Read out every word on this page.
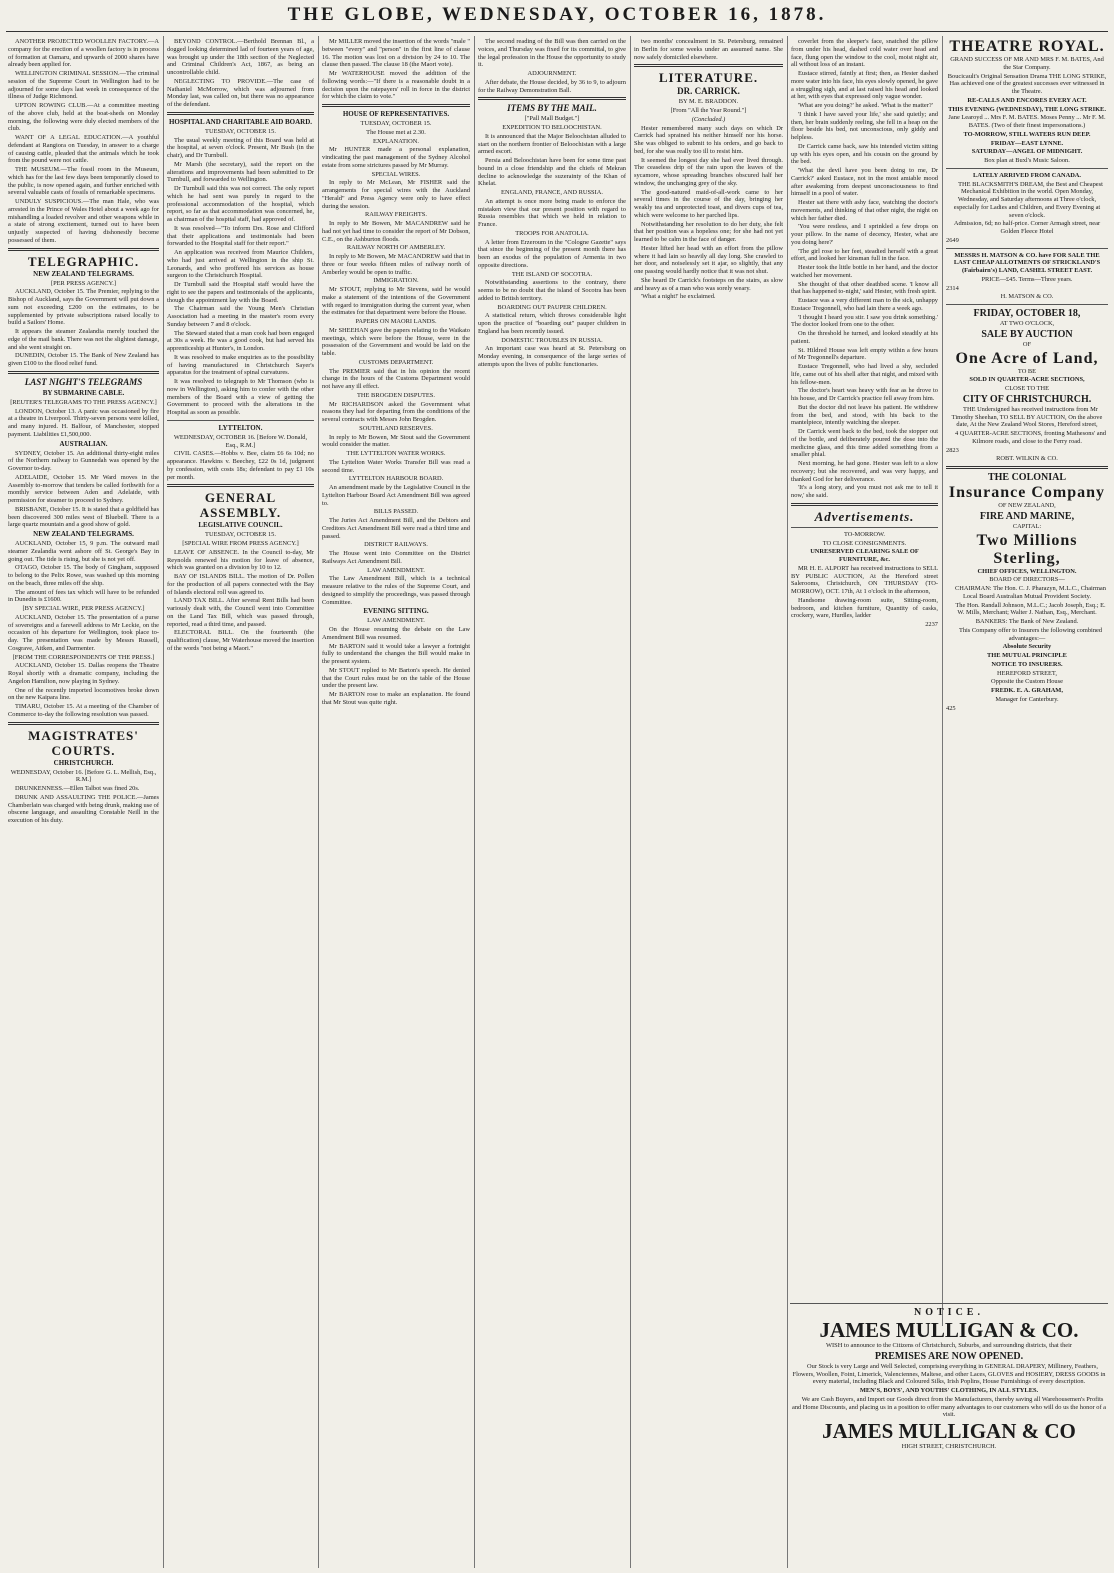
THE GLOBE, WEDNESDAY, OCTOBER 16, 1878.

ANOTHER PROJECTED WOOLLEN FACTORY.—A company for the erection of a woollen factory is in process of formation at Oamaru, and upwards of 2000 shares have already been applied for.

WELLINGTON CRIMINAL SESSION.—The criminal session of the Supreme Court in Wellington had to be adjourned for some days last week in consequence of the illness of Judge Richmond.

UPTON ROWING CLUB.—At a committee meeting of the above club, held at the boat-sheds on Monday morning, the following were duly elected members of the club.

WANT OF A LEGAL EDUCATION.—A youthful defendant at Rangiora on Tuesday, in answer to a charge of causing cattle, pleaded that the animals which he took from the pound were not cattle.

THE MUSEUM.—The fossil room in the Museum, which has for the last few days been temporarily closed to the public, is now opened again, and further enriched with several valuable casts of fossils of remarkable specimens.

UNDULY SUSPICIOUS.—The man Hale, who was arrested in the Prince of Wales Hotel about a week ago for mishandling a loaded revolver and other weapons while in a state of strong excitement, turned out to have been unjustly suspected of having dishonestly become possessed of them.

TELEGRAPHIC.

NEW ZEALAND TELEGRAMS.

[PER PRESS AGENCY.]

AUCKLAND, October 15. The Premier, replying to the Bishop of Auckland, says the Government will put down a sum not exceeding £200 on the estimates, to be supplemented by private subscriptions raised locally to build a Sailors' Home.

It appears the steamer Zealandia merely touched the edge of the mail bank. There was not the slightest damage, and she went straight on.

DUNEDIN, October 15. The Bank of New Zealand has given £100 to the flood relief fund.

LAST NIGHT'S TELEGRAMS

BY SUBMARINE CABLE.

[REUTER'S TELEGRAMS TO THE PRESS AGENCY.]

LONDON, October 13. A panic was occasioned by fire at a theatre in Liverpool. Thirty-seven persons were killed, and many injured. H. Balfour, of Manchester, stopped payment. Liabilities £1,500,000.

AUSTRALIAN.

SYDNEY, October 15. An additional thirty-eight miles of the Northern railway to Gunnedah was opened by the Governor to-day.

ADELAIDE, October 15. Mr Ward moves in the Assembly to-morrow that tenders be called forthwith for a monthly service between Aden and Adelaide, with permission for steamer to proceed to Sydney.

BRISBANE, October 15. It is stated that a goldfield has been discovered 300 miles west of Bluebell. There is a large quartz mountain and a good show of gold.

NEW ZEALAND TELEGRAMS.

AUCKLAND, October 15, 9 p.m. The outward mail steamer Zealandia went ashore off St. George's Bay in going out. The tide is rising, but she is not yet off.

OTAGO, October 15. The body of Gingham, supposed to belong to the Pelix Rowe, was washed up this morning on the beach, three miles off the ship.

The amount of fees tax which will have to be refunded in Dunedin is £1600.

[BY SPECIAL WIRE, PER PRESS AGENCY.]

AUCKLAND, October 15. The presentation of a purse of sovereigns and a farewell address to Mr Leckie, on the occasion of his departure for Wellington, took place to-day. The presentation was made by Messrs Russell, Cosgrave, Aitken, and Darmenter.

[FROM THE CORRESPONDENTS OF THE PRESS.]

AUCKLAND, October 15. Dallas reopens the Theatre Royal shortly with a dramatic company, including the Angelon Hamilton, now playing in Sydney.

One of the recently imported locomotives broke down on the new Kaipara line.

TIMARU, October 15. At a meeting of the Chamber of Commerce to-day the following resolution was passed.

MAGISTRATES' COURTS.

CHRISTCHURCH.

WEDNESDAY, October 16. [Before G. L. Mellish, Esq., R.M.]

DRUNKENNESS.—Ellen Talbot was fined 20s.

DRUNK AND ASSAULTING THE POLICE.—James Chamberlain was charged with being drunk, making use of obscene language, and assaulting Constable Neill in the execution of his duty.

BEYOND CONTROL.—Berthold Brennan Bl., a dogged looking determined lad of fourteen years of age, was brought up under the 18th section of the Neglected and Criminal Children's Act, 1867, as being an uncontrollable child.

NEGLECTING TO PROVIDE.—The case of Nathaniel McMorrow, which was adjourned from Monday last, was called on, but there was no appearance of the defendant.

HOSPITAL AND CHARITABLE AID BOARD.

TUESDAY, OCTOBER 15.

The usual weekly meeting of this Board was held at the hospital, at seven o'clock. Present, Mr Bush (in the chair), and Dr Turnbull.

Mr Marsh (the secretary), said the report on the alterations and improvements had been submitted to Dr Turnbull, and forwarded to Wellington.

Dr Turnbull said this was not correct. The only report which he had sent was purely in regard to the professional accommodation of the hospital, which report, so far as that accommodation was concerned, he, as chairman of the hospital staff, had approved of.

It was resolved—"To inform Drs. Rose and Clifford that their applications and testimonials had been forwarded to the Hospital staff for their report."

An application was received from Maurice Childers, who had just arrived at Wellington in the ship St. Leonards, and who proffered his services as house surgeon to the Christchurch Hospital.

Dr Turnbull said the Hospital staff would have the right to see the papers and testimonials of the applicants, though the appointment lay with the Board.

The Chairman said the Young Men's Christian Association had a meeting in the master's room every Sunday between 7 and 8 o'clock.

The Steward stated that a man cook had been engaged at 30s a week. He was a good cook, but had served his apprenticeship at Hunter's, in London.

It was resolved to make enquiries as to the possibility of having manufactured in Christchurch Sayer's apparatus for the treatment of spinal curvatures.

It was resolved to telegraph to Mr Thomson (who is now in Wellington), asking him to confer with the other members of the Board with a view of getting the Government to proceed with the alterations in the Hospital as soon as possible.

LYTTELTON.

WEDNESDAY, OCTOBER 16. [Before W. Donald, Esq., R.M.]

CIVIL CASES.—Hobbs v. Bee, claim £6 6s 10d; no appearance. Hawkins v. Beechey, £22 0s 1d, judgment by confession, with costs 18s; defendant to pay £1 10s per month.

GENERAL ASSEMBLY.

LEGISLATIVE COUNCIL.

TUESDAY, OCTOBER 15.

[SPECIAL WIRE FROM PRESS AGENCY.]

LEAVE OF ABSENCE. In the Council to-day, Mr Reynolds renewed his motion for leave of absence, which was granted on a division by 10 to 12.

BAY OF ISLANDS BILL. The motion of Dr. Pollen for the production of all papers connected with the Bay of Islands electoral roll was agreed to.

LAND TAX BILL. After several Rent Bills had been variously dealt with, the Council went into Committee on the Land Tax Bill, which was passed through, reported, read a third time, and passed.

ELECTORAL BILL. On the fourteenth (the qualification) clause, Mr Waterhouse moved the insertion of the words "not being a Maori."

Mr MILLER moved the insertion of the words "male " between "every" and "person" in the first line of clause 16. The motion was lost on a division by 24 to 10. The clause then passed. The clause 18 (the Maori vote).

Mr WATERHOUSE moved the addition of the following words:—"If there is a reasonable doubt in a decision upon the ratepayers' roll in force in the district for which the claim to vote."

HOUSE OF REPRESENTATIVES.

TUESDAY, OCTOBER 15.

The House met at 2.30.

EXPLANATION.

Mr HUNTER made a personal explanation, vindicating the past management of the Sydney Alcohol estate from some strictures passed by Mr Murray.

SPECIAL WIRES.

In reply to Mr McLean, Mr FISHER said the arrangements for special wires with the Auckland "Herald" and Press Agency were only to have effect during the session.

RAILWAY FREIGHTS.

In reply to Mr Bowen, Mr MACANDREW said he had not yet had time to consider the report of Mr Dobson, C.E., on the Ashburton floods.

RAILWAY NORTH OF AMBERLEY.

In reply to Mr Bowen, Mr MACANDREW said that in three or four weeks fifteen miles of railway north of Amberley would be open to traffic.

IMMIGRATION.

Mr STOUT, replying to Mr Stevens, said he would make a statement of the intentions of the Government with regard to immigration during the current year, when the estimates for that department were before the House.

PAPERS ON MAORI LANDS.

Mr SHEEHAN gave the papers relating to the Waikato meetings, which were before the House, were in the possession of the Government and would be laid on the table.

CUSTOMS DEPARTMENT.

The PREMIER said that in his opinion the recent change in the hours of the Customs Department would not have any ill effect.

THE BROGDEN DISPUTES.

Mr RICHARDSON asked the Government what reasons they had for departing from the conditions of the several contracts with Messrs John Brogden.

SOUTHLAND RESERVES.

In reply to Mr Bowen, Mr Stout said the Government would consider the matter.

THE LYTTELTON WATER WORKS.

The Lyttelton Water Works Transfer Bill was read a second time.

LYTTELTON HARBOUR BOARD.

An amendment made by the Legislative Council in the Lyttelton Harbour Board Act Amendment Bill was agreed to.

BILLS PASSED.

The Juries Act Amendment Bill, and the Debtors and Creditors Act Amendment Bill were read a third time and passed.

DISTRICT RAILWAYS.

The House went into Committee on the District Railways Act Amendment Bill.

LAW AMENDMENT.

The Law Amendment Bill, which is a technical measure relative to the rules of the Supreme Court, and designed to simplify the proceedings, was passed through Committee.

EVENING SITTING.

LAW AMENDMENT.

On the House resuming the debate on the Law Amendment Bill was resumed.

Mr BARTON said it would take a lawyer a fortnight fully to understand the changes the Bill would make in the present system.

Mr STOUT replied to Mr Barton's speech. He denied that the Court rules must be on the table of the House under the present law.

Mr BARTON rose to make an explanation. He found that Mr Stout was quite right.

The second reading of the Bill was then carried on the voices, and Thursday was fixed for its committal, to give the legal profession in the House the opportunity to study it.

ADJOURNMENT.

After debate, the House decided, by 36 to 9, to adjourn for the Railway Demonstration Ball.

ITEMS BY THE MAIL.

["Pall Mall Budget."]

EXPEDITION TO BELOOCHISTAN.

It is announced that the Major Beloochistan alluded to start on the northern frontier of Beloochistan with a large armed escort.

Persia and Beloochistan have been for some time past bound in a close friendship and the chiefs of Mekran decline to acknowledge the suzerainty of the Khan of Khelat.

ENGLAND, FRANCE, AND RUSSIA.

An attempt is once more being made to enforce the mistaken view that our present position with regard to Russia resembles that which we held in relation to France.

TROOPS FOR ANATOLIA.

A letter from Erzeroum in the "Cologne Gazette" says that since the beginning of the present month there has been an exodus of the population of Armenia in two opposite directions.

THE ISLAND OF SOCOTRA.

Notwithstanding assertions to the contrary, there seems to be no doubt that the island of Socotra has been added to British territory.

BOARDING OUT PAUPER CHILDREN.

A statistical return, which throws considerable light upon the practice of "boarding out" pauper children in England has been recently issued.

DOMESTIC TROUBLES IN RUSSIA.

An important case was heard at St. Petersburg on Monday evening, in consequence of the large series of attempts upon the lives of public functionaries.

two months' concealment in St. Petersburg, remained in Berlin for some weeks under an assumed name. She now safely domiciled elsewhere.

LITERATURE.

DR. CARRICK.

BY M. E. BRADDON.

[From "All the Year Round."]

(Concluded.)

Hester remembered many such days on which Dr Carrick had sprained his neither himself nor his horse. She was obliged to submit to his orders, and go back to bed, for she was really too ill to resist him.

It seemed the longest day she had ever lived through. The ceaseless drip of the rain upon the leaves of the sycamore, whose spreading branches obscured half her window, the unchanging grey of the sky.

The good-natured maid-of-all-work came to her several times in the course of the day, bringing her weakly tea and unprotected toast, and divers cups of tea, which were welcome to her parched lips.

Notwithstanding her resolution to do her duty, she felt that her position was a hopeless one; for she had not yet learned to be calm in the face of danger.

Hester lifted her head with an effort from the pillow where it had lain so heavily all day long. She crawled to her door, and noiselessly set it ajar, so slightly, that any one passing would hardly notice that it was not shut.

She heard Dr Carrick's footsteps on the stairs, as slow and heavy as of a man who was sorely weary.

'What a night!' he exclaimed.

coverlet from the sleeper's face, snatched the pillow from under his head, dashed cold water over head and face, flung open the window to the cool, moist night air, all without loss of an instant.

Eustace stirred, faintly at first; then, as Hester dashed more water into his face, his eyes slowly opened, he gave a struggling sigh, and at last raised his head and looked at her, with eyes that expressed only vague wonder.

'What are you doing?' he asked. 'What is the matter?'

'I think I have saved your life,' she said quietly; and then, her brain suddenly reeling, she fell in a heap on the floor beside his bed, not unconscious, only giddy and helpless.

Dr Carrick came back, saw his intended victim sitting up with his eyes open, and his cousin on the ground by the bed.

'What the devil have you been doing to me, Dr Carrick?' asked Eustace, not in the most amiable mood after awakening from deepest unconsciousness to find himself in a pool of water.

Hester sat there with ashy face, watching the doctor's movements, and thinking of that other night, the night on which her father died.

'You were restless, and I sprinkled a few drops on your pillow. In the name of decency, Hester, what are you doing here?'

'The girl rose to her feet, steadied herself with a great effort, and looked her kinsman full in the face.

Hester took the little bottle in her hand, and the doctor watched her movement.

She thought of that other deathbed scene. 'I know all that has happened to-night,' said Hester, with fresh spirit.

Eustace was a very different man to the sick, unhappy Eustace Tregonnell, who had lain there a week ago.

'I thought I heard you stir. I saw you drink something.' The doctor looked from one to the other.

On the threshold he turned, and looked steadily at his patient.

St. Hildred House was left empty within a few hours of Mr Tregonnell's departure.

Eustace Tregonnell, who had lived a shy, secluded life, came out of his shell after that night, and mixed with his fellow-men.

The doctor's heart was heavy with fear as he drove to his house, and Dr Carrick's practice fell away from him.

But the doctor did not leave his patient. He withdrew from the bed, and stood, with his back to the mantelpiece, intently watching the sleeper.

Dr Carrick went back to the bed, took the stopper out of the bottle, and deliberately poured the dose into the medicine glass, and this time added something from a smaller phial.

Next morning, he had gone. Hester was left to a slow recovery; but she recovered, and was very happy, and thanked God for her deliverance.

'It's a long story, and you must not ask me to tell it now,' she said.

Advertisements.

TO-MORROW.

TO CLOSE CONSIGNMENTS.

UNRESERVED CLEARING SALE OF FURNITURE, &c.

MR H. E. ALPORT has received instructions to SELL BY PUBLIC AUCTION, At the Hereford street Salerooms, Christchurch, ON THURSDAY (TO-MORROW), OCT. 17th, At 1 o'clock in the afternoon,

Handsome drawing-room suite, Sitting-room, bedroom, and kitchen furniture, Quantity of casks, crockery, ware, Hurdles, ladder

2237

THEATRE ROYAL.

GRAND SUCCESS OF MR AND MRS F. M. BATES, And the Star Company.

Boucicault's Original Sensation Drama THE LONG STRIKE, Has achieved one of the greatest successes ever witnessed in the Theatre.

RE-CALLS AND ENCORES EVERY ACT.

THIS EVENING (WEDNESDAY), THE LONG STRIKE.

Jane Learoyd ... Mrs F. M. BATES. Moses Penny ... Mr F. M. BATES. (Two of their finest impersonations.)

TO-MORROW, STILL WATERS RUN DEEP.

FRIDAY—EAST LYNNE.

SATURDAY—ANGEL OF MIDNIGHT.

Box plan at Buxl's Music Saloon.

LATELY ARRIVED FROM CANADA.

THE BLACKSMITH'S DREAM, the Best and Cheapest Mechanical Exhibition in the world. Open Monday, Wednesday, and Saturday afternoons at Three o'clock, especially for Ladies and Children, and Every Evening at seven o'clock.

Admission, 6d; no half-price. Corner Armagh street, near Golden Fleece Hotel

2649

MESSRS H. MATSON & CO. have FOR SALE THE LAST CHEAP ALLOTMENTS OF STRICKLAND'S (Fairbairn's) LAND, CASHEL STREET EAST.

PRICE—£45. Terms—Three years.

2314

H. MATSON & CO.

FRIDAY, OCTOBER 18,

AT TWO O'CLOCK,

SALE BY AUCTION

OF

One Acre of Land,

TO BE

SOLD IN QUARTER-ACRE SECTIONS,

CLOSE TO THE

CITY OF CHRISTCHURCH.

THE Undersigned has received instructions from Mr Timothy Sheehan, TO SELL BY AUCTION, On the above date, At the New Zealand Wool Stores, Hereford street,

4 QUARTER-ACRE SECTIONS, fronting Mathesons' and Kilmore roads, and close to the Ferry road.

2823

ROBT. WILKIN & CO.

THE COLONIAL
Insurance Company

OF NEW ZEALAND,

FIRE AND MARINE,

CAPITAL:

Two Millions Sterling,

CHIEF OFFICES, WELLINGTON.

BOARD OF DIRECTORS—

CHAIRMAN: The Hon. C. J. Pharazyn, M.L.C., Chairman Local Board Australian Mutual Provident Society.

The Hon. Randall Johnson, M.L.C.; Jacob Joseph, Esq.; E. W. Mills, Merchant; Walter J. Nathan, Esq., Merchant.

BANKERS: The Bank of New Zealand.

This Company offer to Insurers the following combined advantages:—

Absolute Security

THE MUTUAL PRINCIPLE

NOTICE TO INSURERS.

HEREFORD STREET,

Opposite the Custom House

FREDK. E. A. GRAHAM,

Manager for Canterbury.

425

NOTICE.
JAMES MULLIGAN & CO.

WISH to announce to the Citizens of Christchurch, Suburbs, and surrounding districts, that their

PREMISES ARE NOW OPENED.

Our Stock is very Large and Well Selected, comprising everything in GENERAL DRAPERY, Millinery, Feathers, Flowers, Woollen, Foint, Limerick, Valenciennes, Maltese, and other Laces, GLOVES and HOSIERY, DRESS GOODS in every material, including Black and Coloured Silks, Irish Poplins, House Furnishings of every description.

MEN'S, BOYS', AND YOUTHS' CLOTHING, IN ALL STYLES.

We are Cash Buyers, and Import our Goods direct from the Manufacturers, thereby saving all Warehousemen's Profits and Home Discounts, and placing us in a position to offer many advantages to our customers who will do us the honor of a visit.

JAMES MULLIGAN & CO

HIGH STREET, CHRISTCHURCH.
